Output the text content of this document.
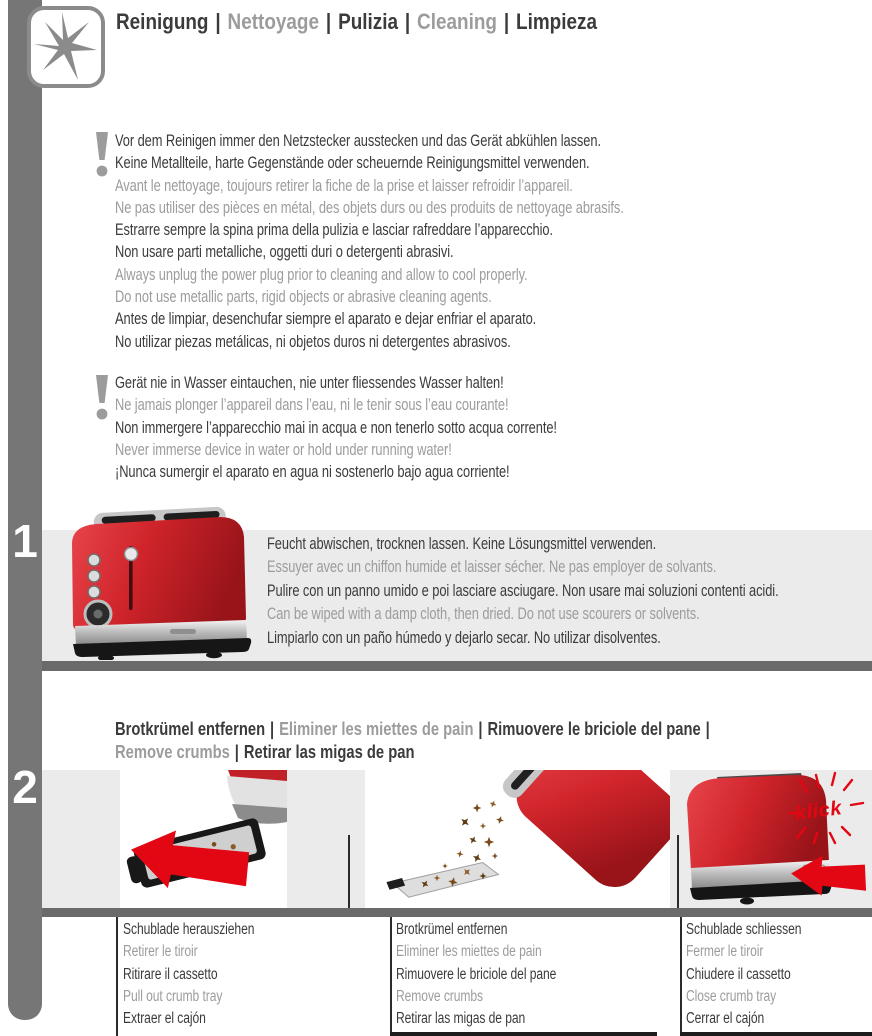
Reinigung | Nettoyage | Pulizia | Cleaning | Limpieza
Vor dem Reinigen immer den Netzstecker ausstecken und das Gerät abkühlen lassen.
Keine Metallteile, harte Gegenstände oder scheuernde Reinigungsmittel verwenden.
Avant le nettoyage, toujours retirer la fiche de la prise et laisser refroidir l’appareil.
Ne pas utiliser des pièces en métal, des objets durs ou des produits de nettoyage abrasifs.
Estrarre sempre la spina prima della pulizia e lasciar rafreddare l’apparecchio.
Non usare parti metalliche, oggetti duri o detergenti abrasivi.
Always unplug the power plug prior to cleaning and allow to cool properly.
Do not use metallic parts, rigid objects or abrasive cleaning agents.
Antes de limpiar, desenchufar siempre el aparato e dejar enfriar el aparato.
No utilizar piezas metálicas, ni objetos duros ni detergentes abrasivos.
Gerät nie in Wasser eintauchen, nie unter fliessendes Wasser halten!
Ne jamais plonger l’appareil dans l’eau, ni le tenir sous l’eau courante!
Non immergere l’apparecchio mai in acqua e non tenerlo sotto acqua corrente!
Never immerse device in water or hold under running water!
¡Nunca sumergir el aparato en agua ni sostenerlo bajo agua corriente!
1	Feucht abwischen, trocknen lassen. Keine Lösungsmittel verwenden.
Essuyer avec un chiffon humide et laisser sécher. Ne pas employer de solvants.
Pulire con un panno umido e poi lasciare asciugare. Non usare mai soluzioni contenti acidi.
Can be wiped with a damp cloth, then dried. Do not use scourers or solvents.
Limpiarlo con un paño húmedo y dejarlo secar. No utilizar disolventes.
Brotkrümel entfernen | Eliminer les miettes de pain | Rimuovere le briciole del pane |
Remove crumbs | Retirar las migas de pan
2	klick
Schublade herausziehen
Retirer le tiroir
Ritirare il cassetto
Pull out crumb tray
Extraer el cajón
Brotkrümel entfernen
Eliminer les miettes de pain
Rimuovere le briciole del pane
Remove crumbs
Retirar las migas de pan
Schublade schliessen
Fermer le tiroir
Chiudere il cassetto
Close crumb tray
Cerrar el cajón
